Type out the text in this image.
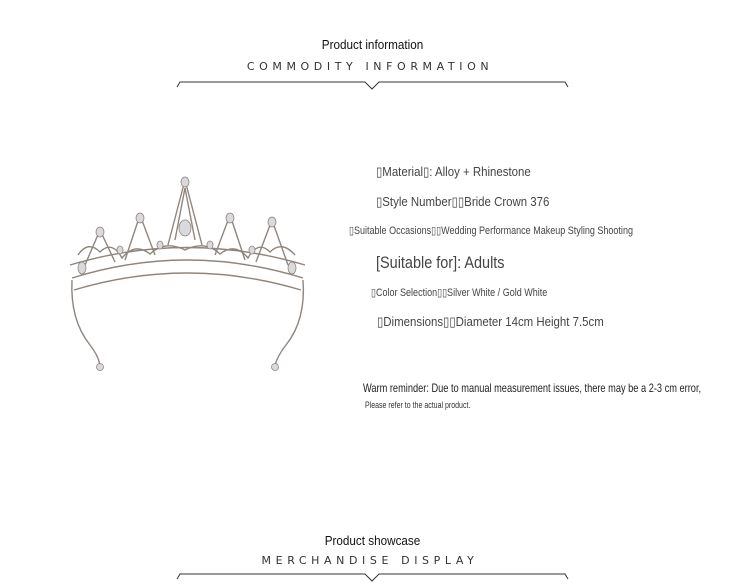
Product information
COMMODITY INFORMATION
▯Material▯: Alloy + Rhinestone
▯Style Number▯▯Bride Crown 376
▯Suitable Occasions▯▯Wedding Performance Makeup Styling Shooting
[Suitable for]: Adults
▯Color Selection▯▯Silver White / Gold White
▯Dimensions▯▯Diameter 14cm Height 7.5cm
Warm reminder: Due to manual measurement issues, there may be a 2-3 cm error,
Please refer to the actual product.
Product showcase
MERCHANDISE DISPLAY
